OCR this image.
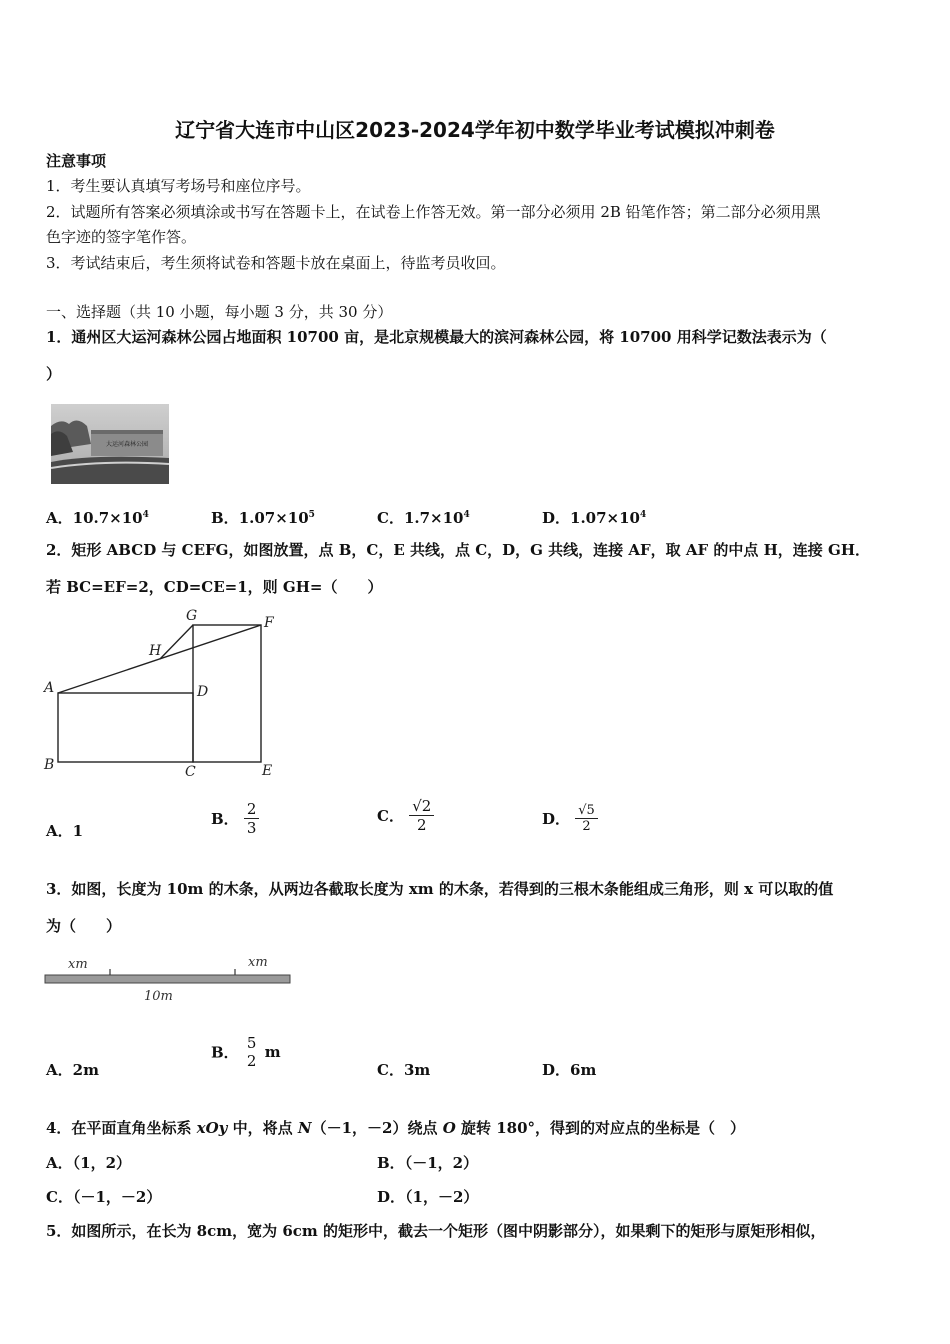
辽宁省大连市中山区2023-2024学年初中数学毕业考试模拟冲刺卷
注意事项
1．考生要认真填写考场号和座位序号。
2．试题所有答案必须填涂或书写在答题卡上，在试卷上作答无效。第一部分必须用 2B 铅笔作答；第二部分必须用黑
色字迹的签字笔作答。
3．考试结束后，考生须将试卷和答题卡放在桌面上，待监考员收回。
一、选择题（共 10 小题，每小题 3 分，共 30 分）
1．通州区大运河森林公园占地面积 10700 亩，是北京规模最大的滨河森林公园，将 10700 用科学记数法表示为（
）
大运河森林公园
A．$10.7\times 10^4$	B．$1.07\times 10^5$	C．$1.7\times 10^4$	D．$1.07\times 10^4$
2．矩形 ABCD 与 CEFG，如图放置，点 B，C，E 共线，点 C，D，G 共线，连接 AF，取 AF 的中点 H，连接 GH．
若 BC=EF=2，CD=CE=1，则 GH=（　　）
A
B	C
D
E
F
G
H
A．1
B． $\frac{2}{3}$	C． $\frac{√2}{2}$	D． $\frac{√5}{2}$
3．如图，长度为 10m 的木条，从两边各截取长度为 xm 的木条，若得到的三根木条能组成三角形，则 x 可以取的值
为（　　）
xm	xm
10m
A．2m
B．
5
2 m
C．3m	D．6m
4．在平面直角坐标系 xOy 中，将点 N（－1，－2）绕点 O 旋转 180°，得到的对应点的坐标是（　）
A．（1，2）	B．（－1，2）
C．（－1，－2）	D．（1，－2）
5．如图所示，在长为 8cm，宽为 6cm 的矩形中，截去一个矩形（图中阴影部分），如果剩下的矩形与原矩形相似，
